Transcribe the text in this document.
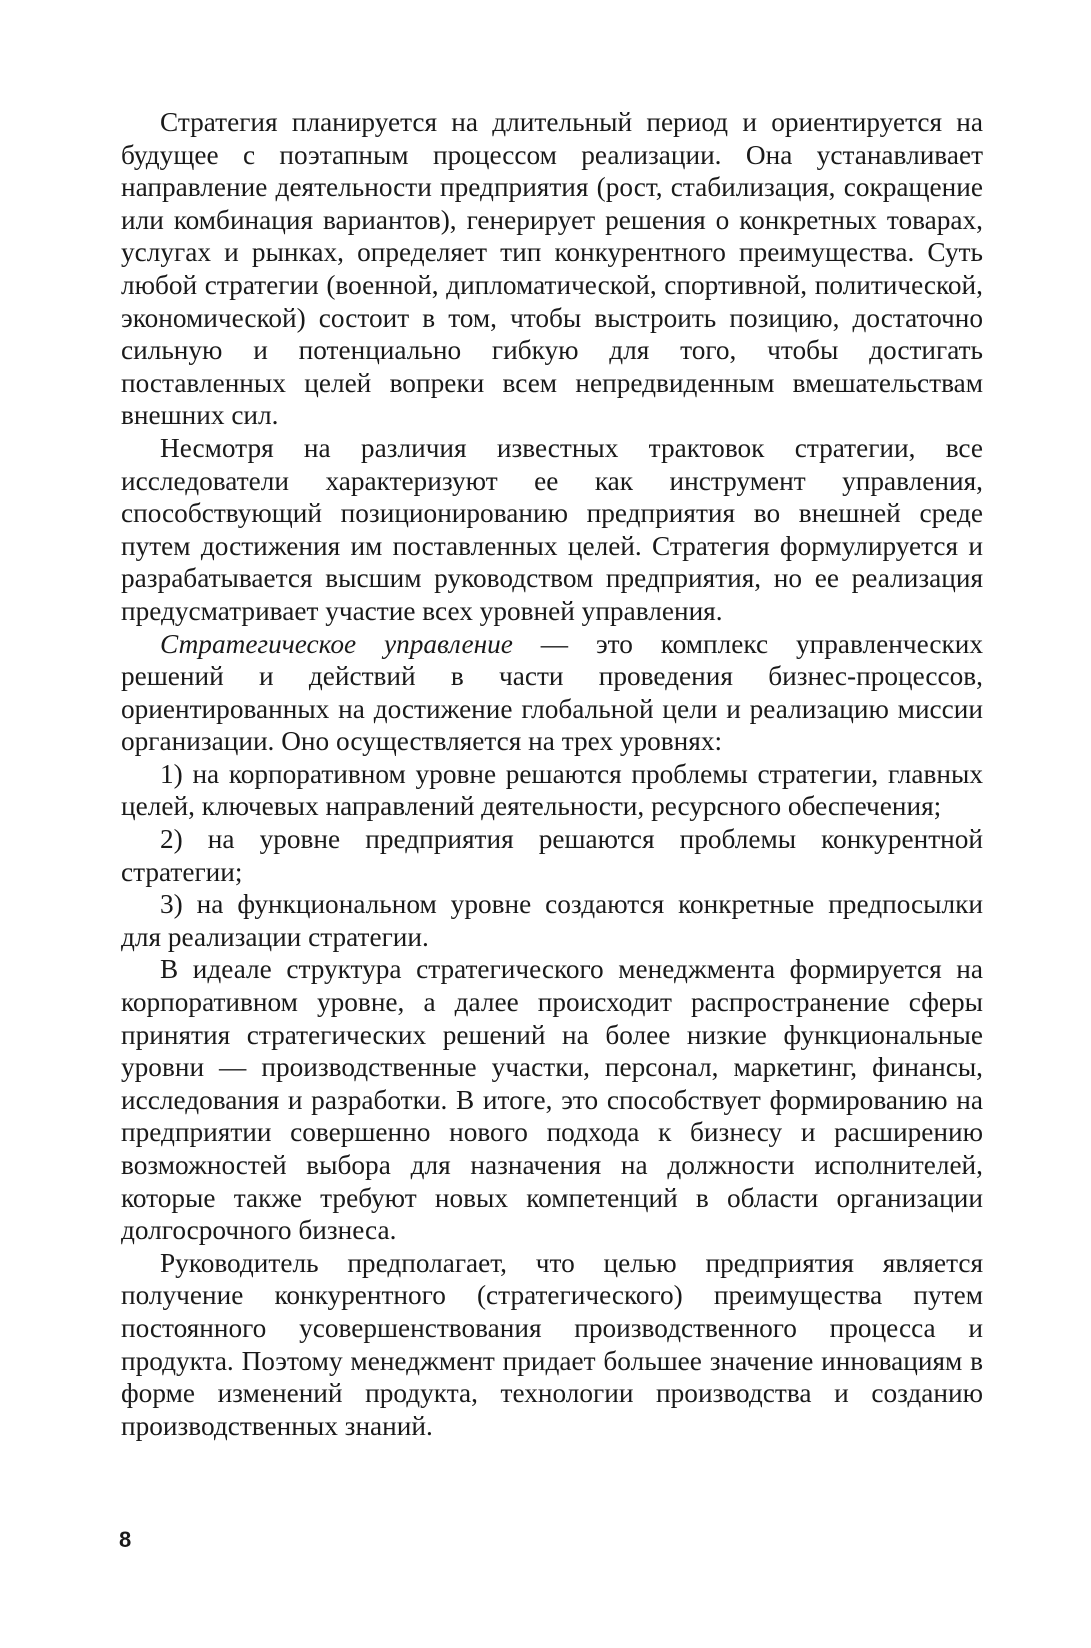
Стратегия планируется на длительный период и ориентируется на будущее с поэтапным процессом реализации. Она устанавливает направление деятельности предприятия (рост, стабилизация, сокращение или комбинация вариантов), генерирует решения о конкретных товарах, услугах и рынках, определяет тип конкурентного преимущества. Суть любой стратегии (военной, дипломатической, спортивной, политической, экономической) состоит в том, чтобы выстроить позицию, достаточно сильную и потенциально гибкую для того, чтобы достигать поставленных целей вопреки всем непредвиденным вмешательствам внешних сил.

Несмотря на различия известных трактовок стратегии, все исследователи характеризуют ее как инструмент управления, способствующий позиционированию предприятия во внешней среде путем достижения им поставленных целей. Стратегия формулируется и разрабатывается высшим руководством предприятия, но ее реализация предусматривает участие всех уровней управления.

Стратегическое управление — это комплекс управленческих решений и действий в части проведения бизнес-процессов, ориентированных на достижение глобальной цели и реализацию миссии организации. Оно осуществляется на трех уровнях:

1) на корпоративном уровне решаются проблемы стратегии, главных целей, ключевых направлений деятельности, ресурсного обеспечения;

2) на уровне предприятия решаются проблемы конкурентной стратегии;

3) на функциональном уровне создаются конкретные предпосылки для реализации стратегии.

В идеале структура стратегического менеджмента формируется на корпоративном уровне, а далее происходит распространение сферы принятия стратегических решений на более низкие функциональные уровни — производственные участки, персонал, маркетинг, финансы, исследования и разработки. В итоге, это способствует формированию на предприятии совершенно нового подхода к бизнесу и расширению возможностей выбора для назначения на должности исполнителей, которые также требуют новых компетенций в области организации долгосрочного бизнеса.

Руководитель предполагает, что целью предприятия является получение конкурентного (стратегического) преимущества путем постоянного усовершенствования производственного процесса и продукта. Поэтому менеджмент придает большее значение инновациям в форме изменений продукта, технологии производства и созданию производственных знаний.

8
